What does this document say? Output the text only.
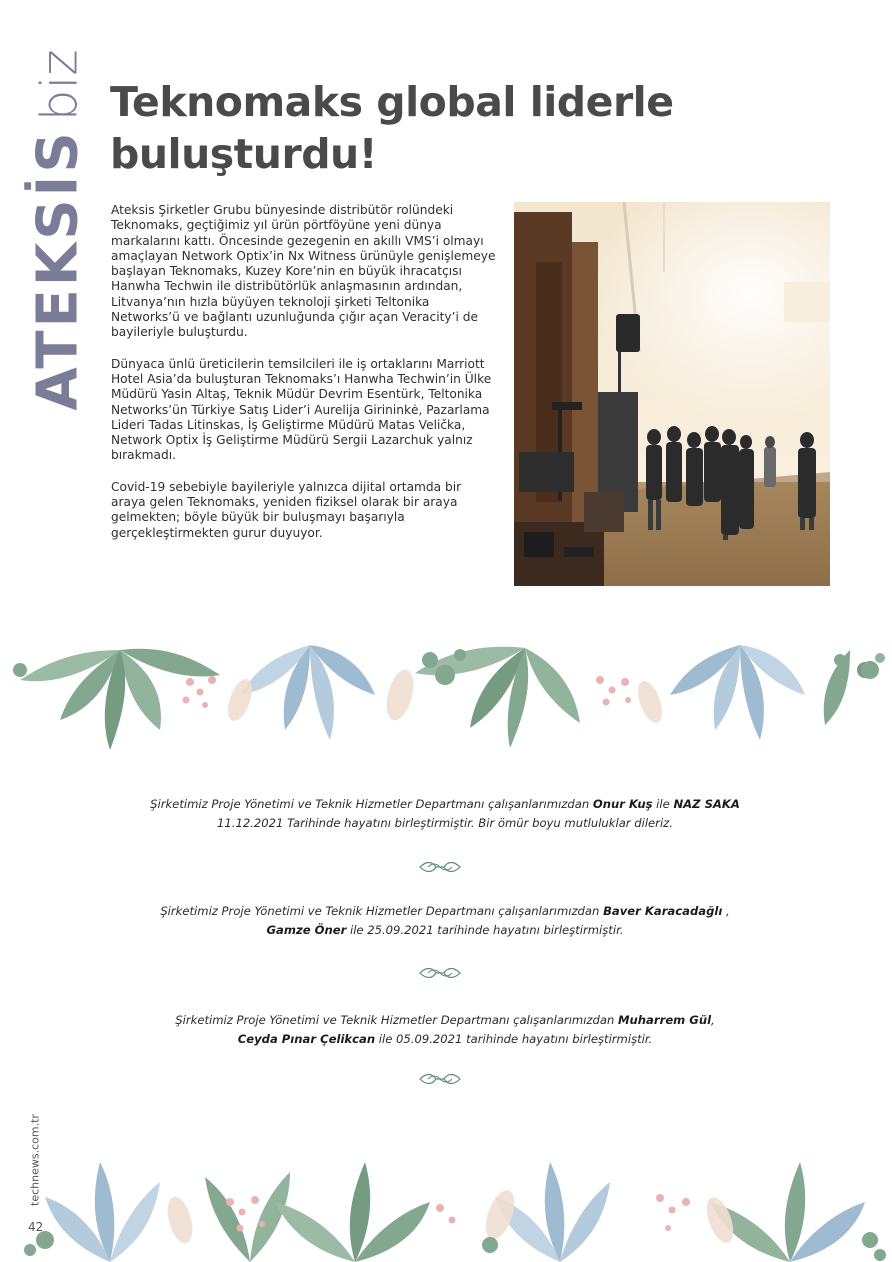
ATEKSİS
biz Teknomaks global liderle buluşturdu!

Ateksis Şirketler Grubu bünyesinde distribütör rolündeki Teknomaks, geçtiğimiz yıl ürün pörtföyüne yeni dünya markalarını kattı. Öncesinde gezegenin en akıllı VMS’i olmayı amaçlayan Network Optix’in Nx Witness ürünüyle genişlemeye başlayan Teknomaks, Kuzey Kore’nin en büyük ihracatçısı Hanwha Techwin ile distribütörlük anlaşmasının ardından, Litvanya’nın hızla büyüyen teknoloji şirketi Teltonika Networks’ü ve bağlantı uzunluğunda çığır açan Veracity’i de bayileriyle buluşturdu.

Dünyaca ünlü üreticilerin temsilcileri ile iş ortaklarını Marriott Hotel Asia’da buluşturan Teknomaks’ı Hanwha Techwin’in Ülke Müdürü Yasin Altaş, Teknik Müdür Devrim Esentürk, Teltonika Networks’ün Türkiye Satış Lider’i Aurelija Girininkė, Pazarlama Lideri Tadas Litinskas, İş Geliştirme Müdürü Matas Velička, Network Optix İş Geliştirme Müdürü Sergii Lazarchuk yalnız bırakmadı.

Covid-19 sebebiyle bayileriyle yalnızca dijital ortamda bir araya gelen Teknomaks, yeniden fiziksel olarak bir araya gelmekten; böyle büyük bir buluşmayı başarıyla gerçekleştirmekten gurur duyuyor.

Şirketimiz Proje Yönetimi ve Teknik Hizmetler Departmanı çalışanlarımızdan Onur Kuş ile NAZ SAKA
11.12.2021 Tarihinde hayatını birleştirmiştir. Bir ömür boyu mutluluklar dileriz.
Şirketimiz Proje Yönetimi ve Teknik Hizmetler Departmanı çalışanlarımızdan Baver Karacadağlı ,
Gamze Öner ile 25.09.2021 tarihinde hayatını birleştirmiştir.
Şirketimiz Proje Yönetimi ve Teknik Hizmetler Departmanı çalışanlarımızdan Muharrem Gül,
Ceyda Pınar Çelikcan ile 05.09.2021 tarihinde hayatını birleştirmiştir.
technews.com.tr
42
